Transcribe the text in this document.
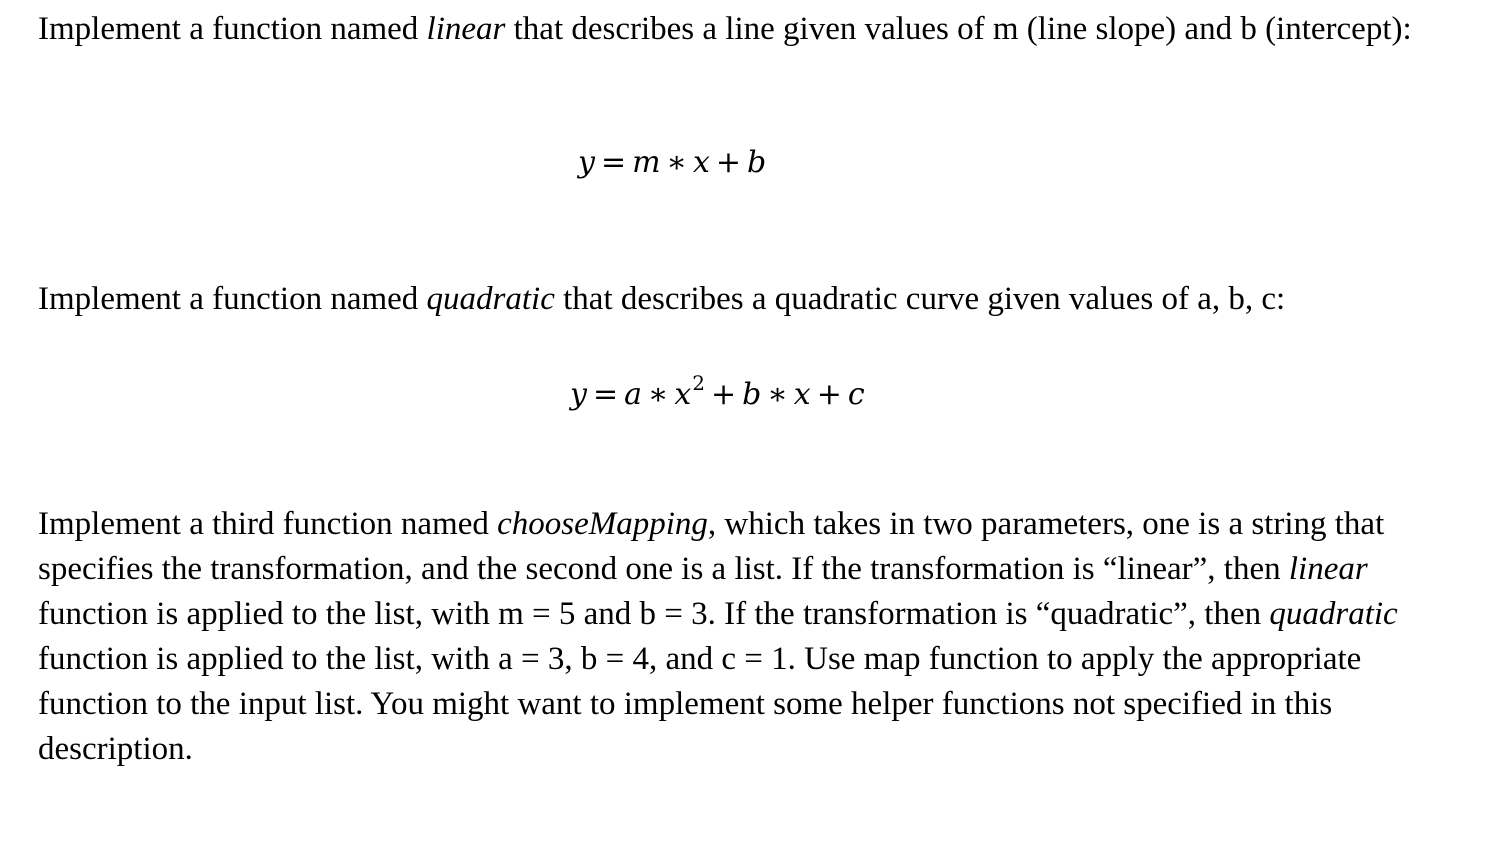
Implement a function named linear that describes a line given values of m (line slope) and b (intercept):

y = m ∗ x + b

Implement a function named quadratic that describes a quadratic curve given values of a, b, c:

y = a ∗ $x^2 + b$ ∗ x + c

Implement a third function named chooseMapping, which takes in two parameters, one is a string that specifies the transformation, and the second one is a list. If the transformation is “linear”, then linear function is applied to the list, with m = 5 and b = 3. If the transformation is “quadratic”, then quadratic function is applied to the list, with a = 3, b = 4, and c = 1. Use map function to apply the appropriate function to the input list. You might want to implement some helper functions not specified in this description.
